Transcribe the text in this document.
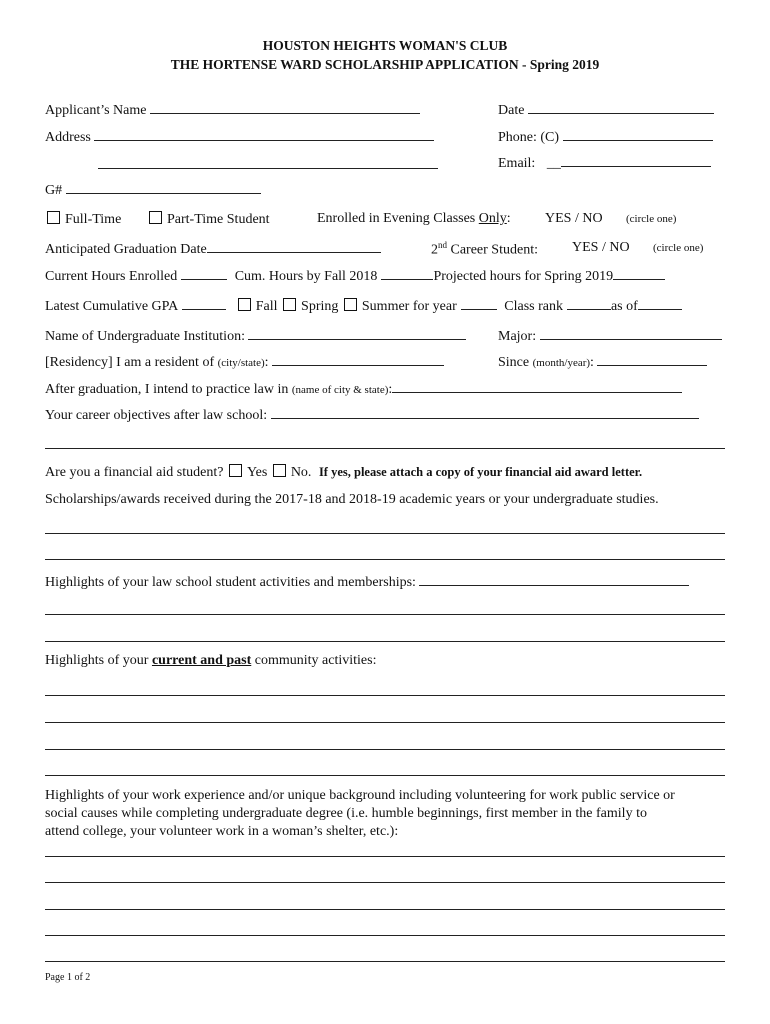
HOUSTON HEIGHTS WOMAN'S CLUB
THE HORTENSE WARD SCHOLARSHIP APPLICATION - Spring 2019
Applicant’s Name	Date
Address	Phone: (C)
Email: __
G#
Full-Time	Part-Time Student	Enrolled in Evening Classes Only: YES / NO (circle one)
Anticipated Graduation Date	2nd Career Student: YES / NO (circle one)
Current Hours Enrolled	Cum. Hours by Fall 2018	Projected hours for Spring 2019
Latest Cumulative GPA	Fall Spring Summer for year	Class rank	as of
Name of Undergraduate Institution:	Major:
[Residency] I am a resident of (city/state):	Since (month/year):
After graduation, I intend to practice law in (name of city & state):
Your career objectives after law school:
Are you a financial aid student? Yes No. If yes, please attach a copy of your financial aid award letter.
Scholarships/awards received during the 2017-18 and 2018-19 academic years or your undergraduate studies.
Highlights of your law school student activities and memberships:
Highlights of your current and past community activities:
Highlights of your work experience and/or unique background including volunteering for work public service or
social causes while completing undergraduate degree (i.e. humble beginnings, first member in the family to
attend college, your volunteer work in a woman’s shelter, etc.):
Page 1 of 2
